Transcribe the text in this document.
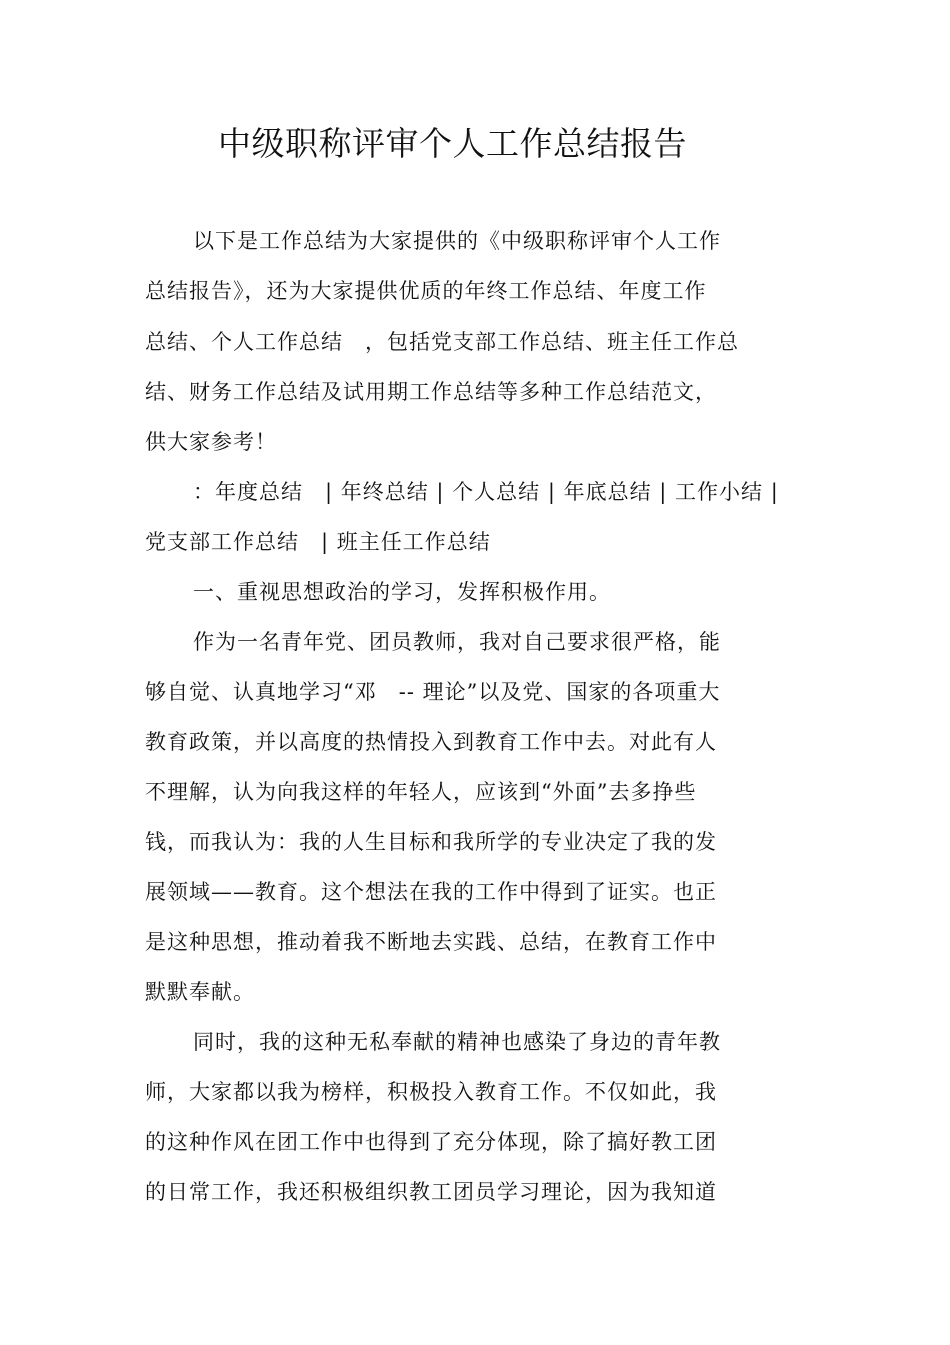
中级职称评审个人工作总结报告
以下是工作总结为大家提供的《中级职称评审个人工作
总结报告》，还为大家提供优质的年终工作总结、年度工作
总结、个人工作总结　，包括党支部工作总结、班主任工作总
结、财务工作总结及试用期工作总结等多种工作总结范文，
供大家参考！
：年度总结　| 年终总结 | 个人总结 | 年底总结 | 工作小结 |
党支部工作总结　| 班主任工作总结
一、重视思想政治的学习，发挥积极作用。
作为一名青年党、团员教师，我对自己要求很严格，能
够自觉、认真地学习“邓　-- 理论”以及党、国家的各项重大
教育政策，并以高度的热情投入到教育工作中去。对此有人
不理解，认为向我这样的年轻人，应该到“外面”去多挣些
钱，而我认为：我的人生目标和我所学的专业决定了我的发
展领域——教育。这个想法在我的工作中得到了证实。也正
是这种思想，推动着我不断地去实践、总结，在教育工作中
默默奉献。
同时，我的这种无私奉献的精神也感染了身边的青年教
师，大家都以我为榜样，积极投入教育工作。不仅如此，我
的这种作风在团工作中也得到了充分体现，除了搞好教工团
的日常工作，我还积极组织教工团员学习理论，因为我知道
